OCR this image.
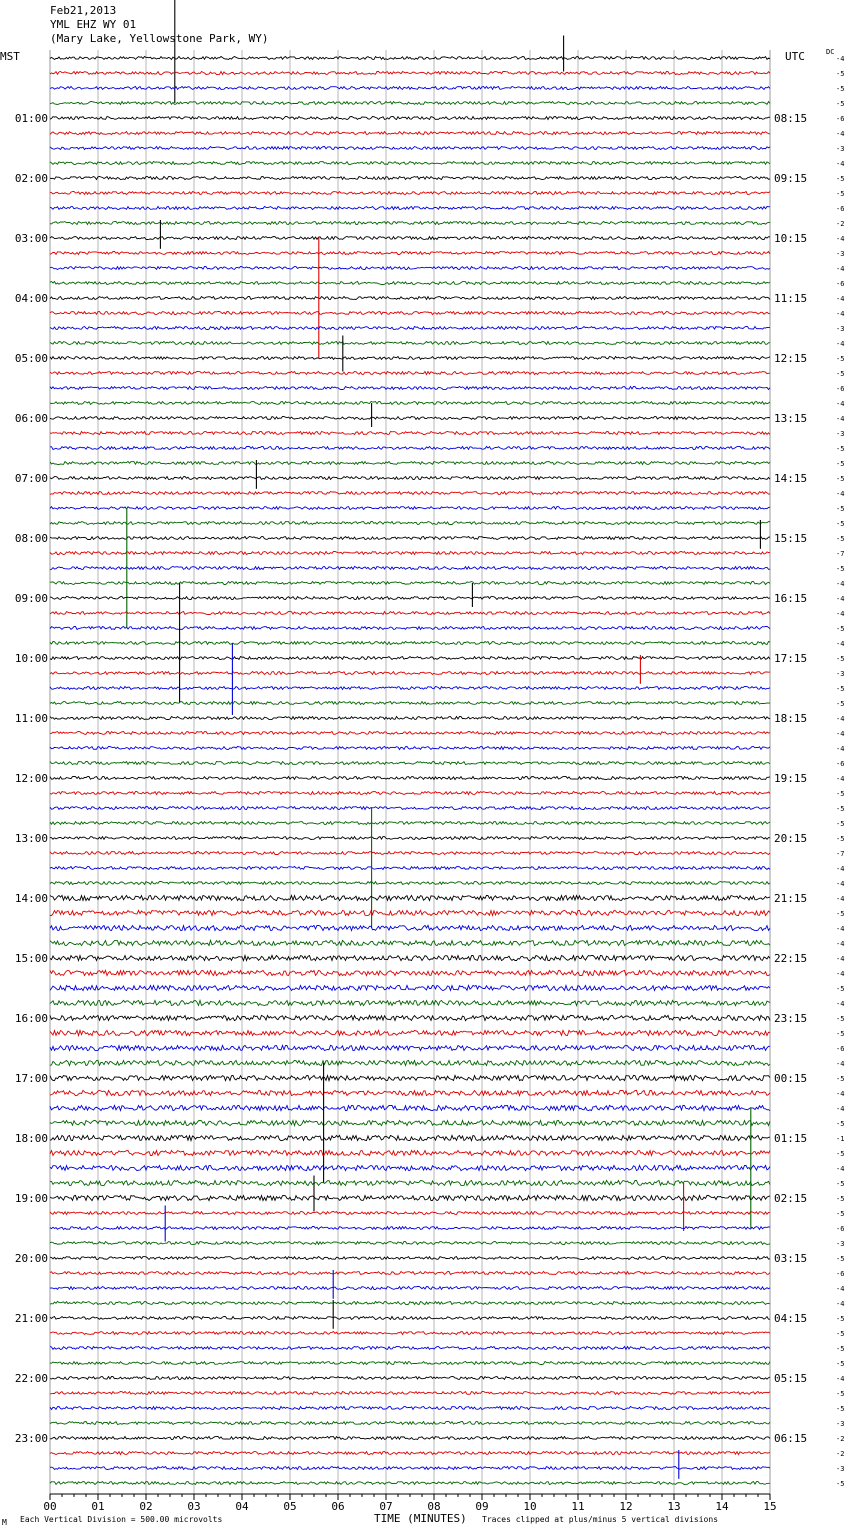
Feb21,2013
YML EHZ WY 01
(Mary Lake, Yellowstone Park, WY)
MST	UTC	DC
00	01	02	03	04	05	06	07	08	09	10	11	12	13	14	15
-4
-5
-5
-5
-6
-4
-3
-4
-5
-5
-6
-2
-4
-3
-4
-6
-4
-4
-3
-4
-5
-5
-6
-4
-4
-3
-5
-5
-5
-4
-5
-5
-5
-7
-5
-4
-4
-4
-5
-4
-5
-3
-5
-5
-4
-4
-4
-6
-4
-5
-5
-5
-5
-7
-4
-4
-4
-5
-4
-4
-4
-4
-5
-4
-5
-5
-6
-4
-5
-4
-4
-5
-1
-5
-4
-5
-5
-5
-6
-3
-5
-6
-4
-4
-5
-5
-5
-5
-4
-5
-5
-3
-2
-2
-3
-5
01:00
02:00
03:00
04:00
05:00
06:00
07:00
08:00
09:00
10:00
11:00
12:00
13:00
14:00
15:00
16:00
17:00
18:00
19:00
20:00
21:00
22:00
23:00
08:15
09:15
10:15
11:15
12:15
13:15
14:15
15:15
16:15
17:15
18:15
19:15
20:15
21:15
22:15
23:15
00:15
01:15
02:15
03:15
04:15
05:15
06:15
M Each Vertical Division = 500.00 microvolts	TIME (MINUTES) Traces clipped at plus/minus 5 vertical divisions
